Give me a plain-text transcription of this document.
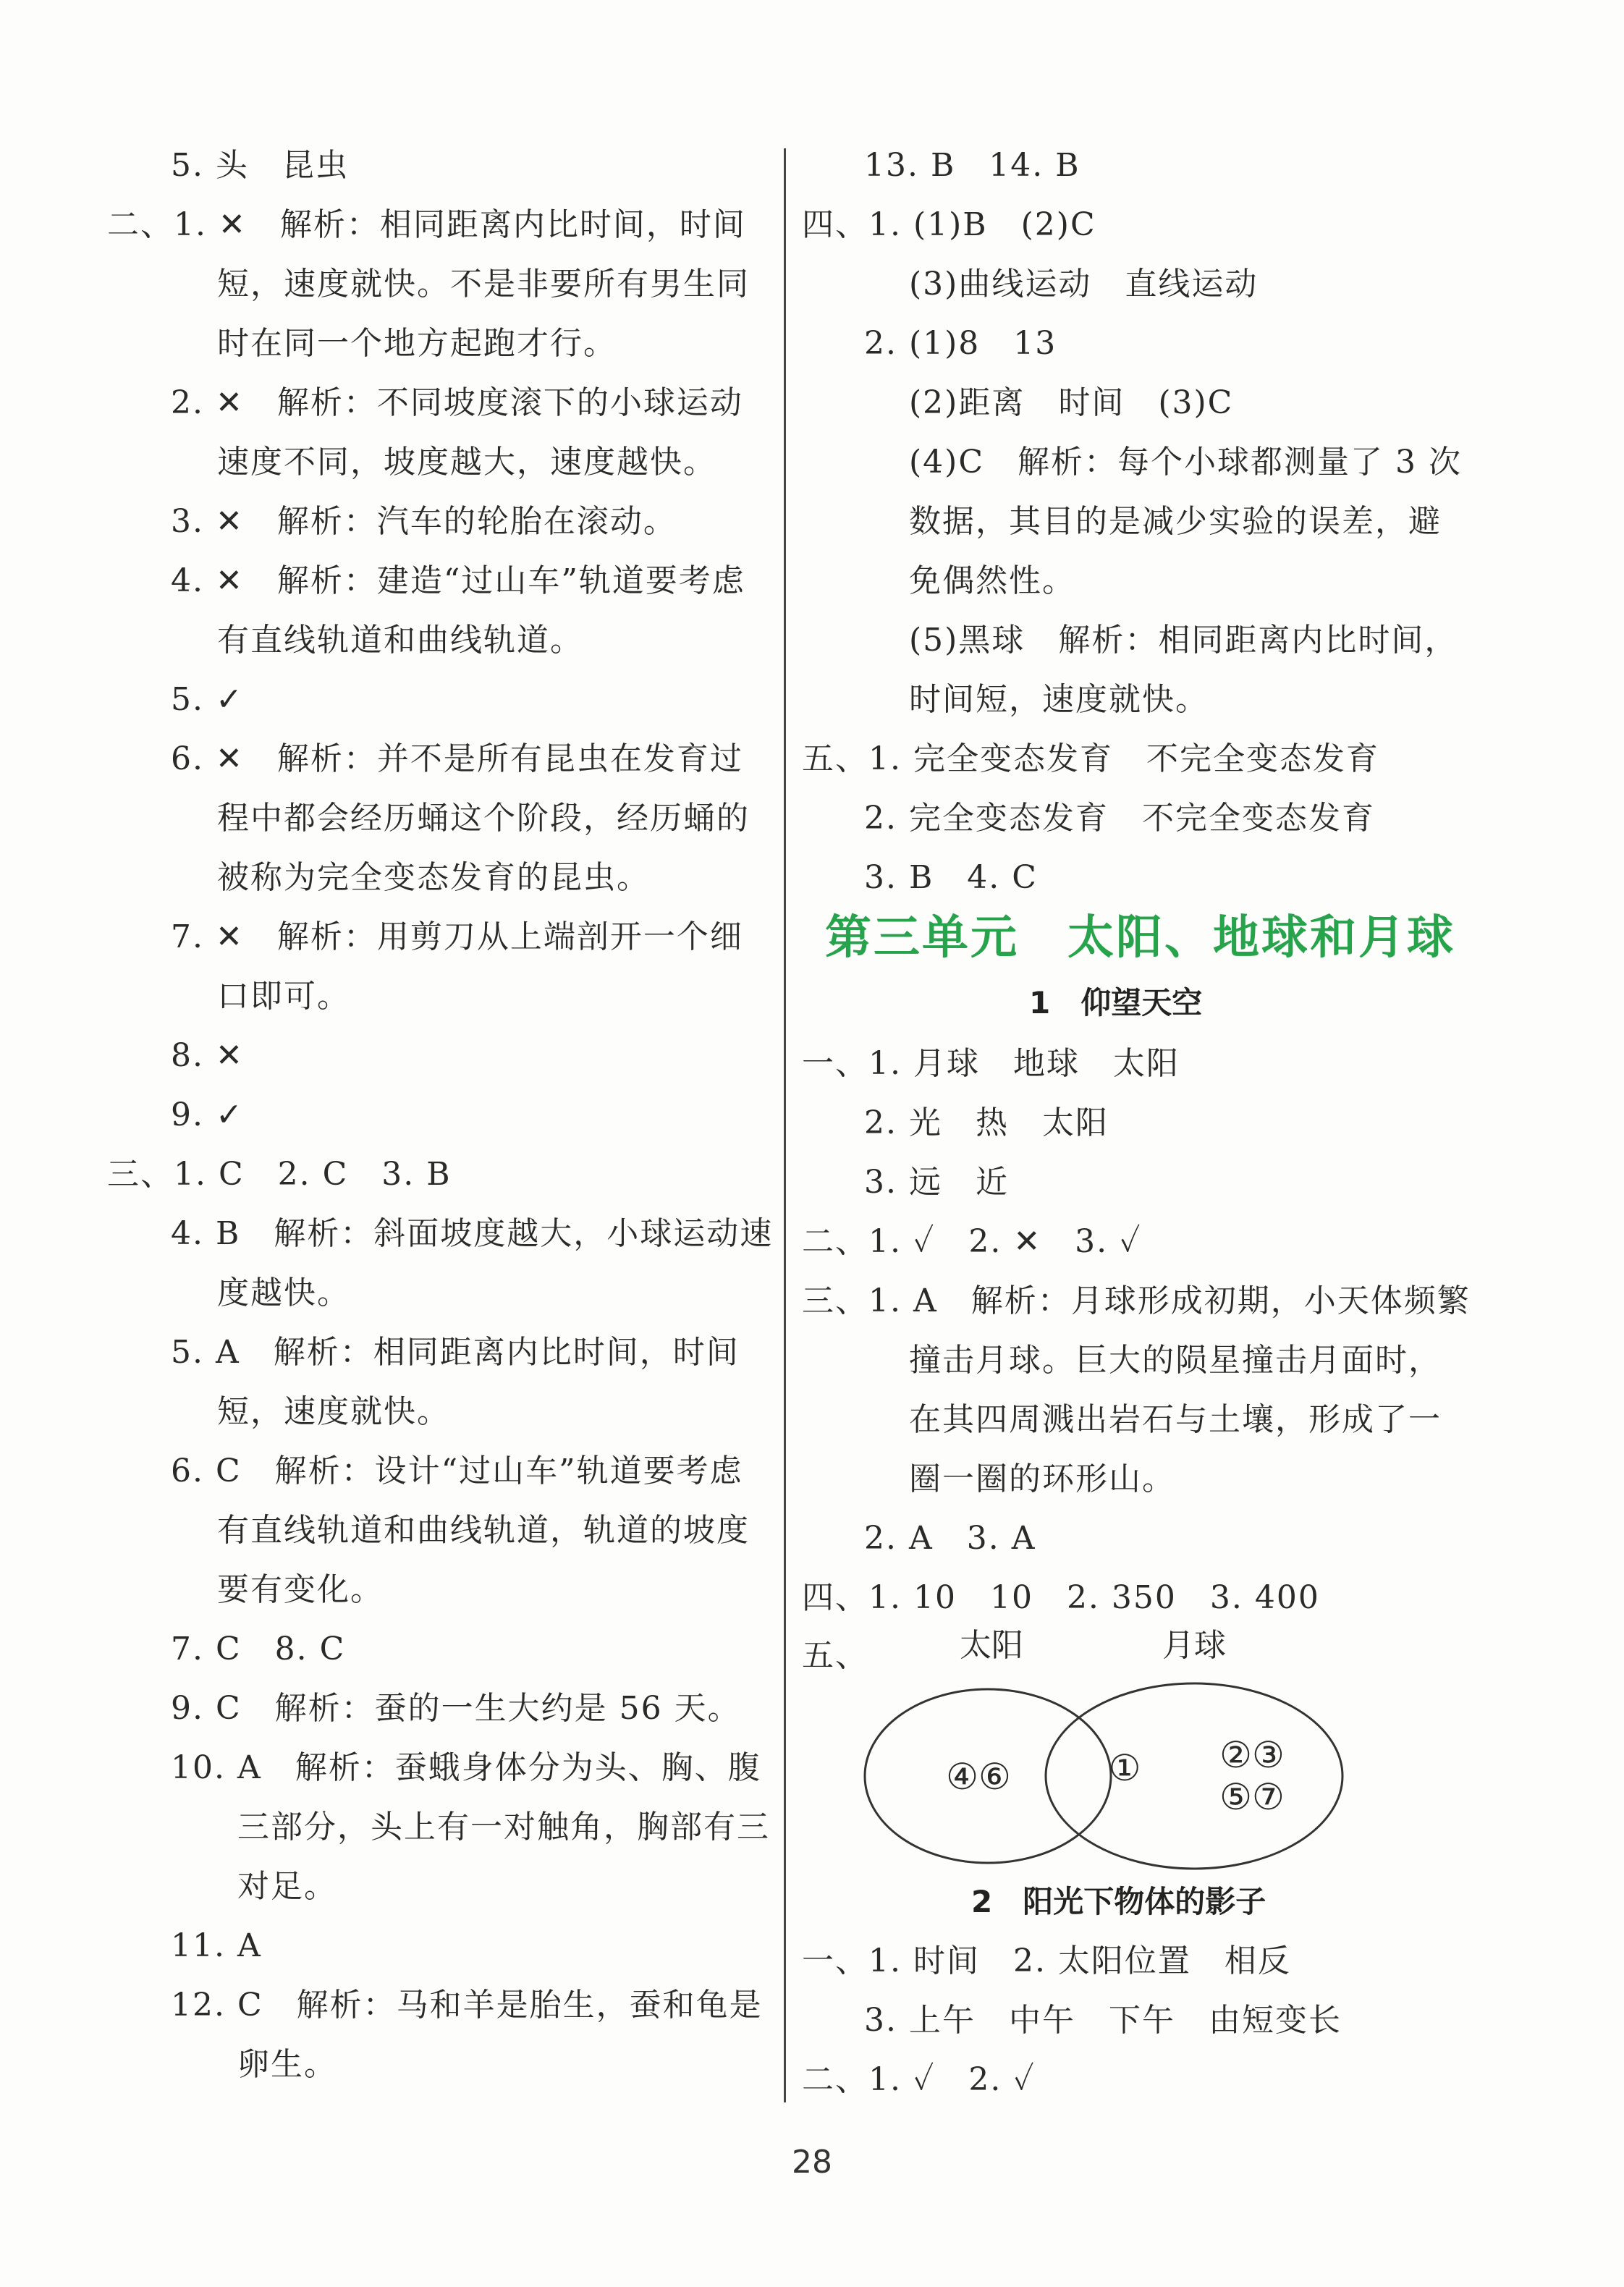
5. 头　昆虫
二、1. ✕　解析：相同距离内比时间，时间
短，速度就快。不是非要所有男生同
时在同一个地方起跑才行。
2. ✕　解析：不同坡度滚下的小球运动
速度不同，坡度越大，速度越快。
3. ✕　解析：汽车的轮胎在滚动。
4. ✕　解析：建造“过山车”轨道要考虑
有直线轨道和曲线轨道。
5. ✓
6. ✕　解析：并不是所有昆虫在发育过
程中都会经历蛹这个阶段，经历蛹的
被称为完全变态发育的昆虫。
7. ✕　解析：用剪刀从上端剖开一个细
口即可。
8. ✕
9. ✓
三、1. C　2. C　3. B
4. B　解析：斜面坡度越大，小球运动速
度越快。
5. A　解析：相同距离内比时间，时间
短，速度就快。
6. C　解析：设计“过山车”轨道要考虑
有直线轨道和曲线轨道，轨道的坡度
要有变化。
7. C　8. C
9. C　解析：蚕的一生大约是 56 天。
10. A　解析：蚕蛾身体分为头、胸、腹
三部分，头上有一对触角，胸部有三
对足。
11. A
12. C　解析：马和羊是胎生，蚕和龟是
卵生。
13. B　14. B
四、1. (1)B　(2)C
(3)曲线运动　直线运动
2. (1)8　13
(2)距离　时间　(3)C
(4)C　解析：每个小球都测量了 3 次
数据，其目的是减少实验的误差，避
免偶然性。
(5)黑球　解析：相同距离内比时间，
时间短，速度就快。
五、1. 完全变态发育　不完全变态发育
2. 完全变态发育　不完全变态发育
3. B　4. C
第三单元　太阳、地球和月球
1　仰望天空
一、1. 月球　地球　太阳
2. 光　热　太阳
3. 远　近
二、1. ✓　2. ✕　3. ✓
三、1. A　解析：月球形成初期，小天体频繁
撞击月球。巨大的陨星撞击月面时，
在其四周溅出岩石与土壤，形成了一
圈一圈的环形山。
2. A　3. A
四、1. 10　10　2. 350　3. 400
五、
2　阳光下物体的影子
一、1. 时间　2. 太阳位置　相反
3. 上午　中午　下午　由短变长
二、1. ✓　2. ✓
太阳	月球
④⑥	① ②③
⑤⑦
28
